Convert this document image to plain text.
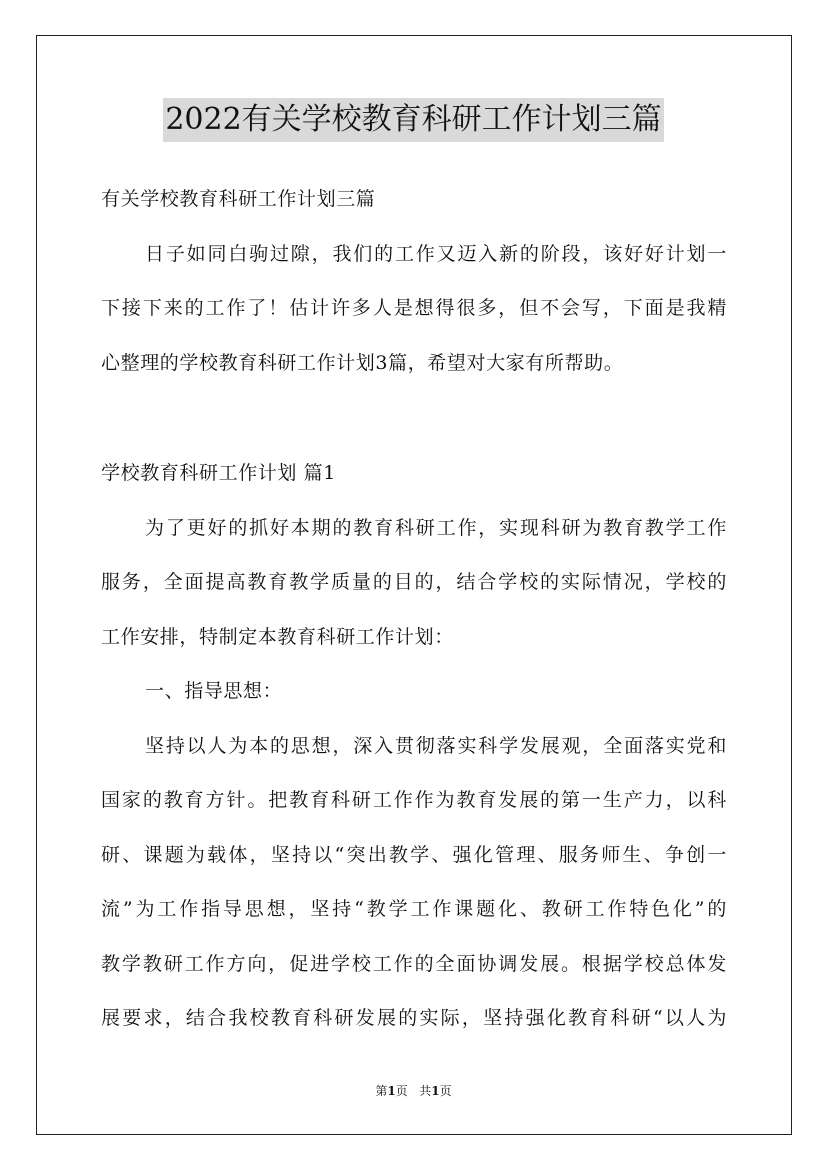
2022有关学校教育科研工作计划三篇
有关学校教育科研工作计划三篇
日子如同白驹过隙，我们的工作又迈入新的阶段，该好好计划一
下接下来的工作了！估计许多人是想得很多，但不会写，下面是我精
心整理的学校教育科研工作计划3篇，希望对大家有所帮助。
学校教育科研工作计划 篇1
为了更好的抓好本期的教育科研工作，实现科研为教育教学工作
服务，全面提高教育教学质量的目的，结合学校的实际情况，学校的
工作安排，特制定本教育科研工作计划：
一、指导思想：
坚持以人为本的思想，深入贯彻落实科学发展观，全面落实党和
国家的教育方针。把教育科研工作作为教育发展的第一生产力，以科
研、课题为载体，坚持以“突出教学、强化管理、服务师生、争创一
流”为工作指导思想，坚持“教学工作课题化、教研工作特色化”的
教学教研工作方向，促进学校工作的全面协调发展。根据学校总体发
展要求，结合我校教育科研发展的实际，坚持强化教育科研“以人为
第1页 共1页
